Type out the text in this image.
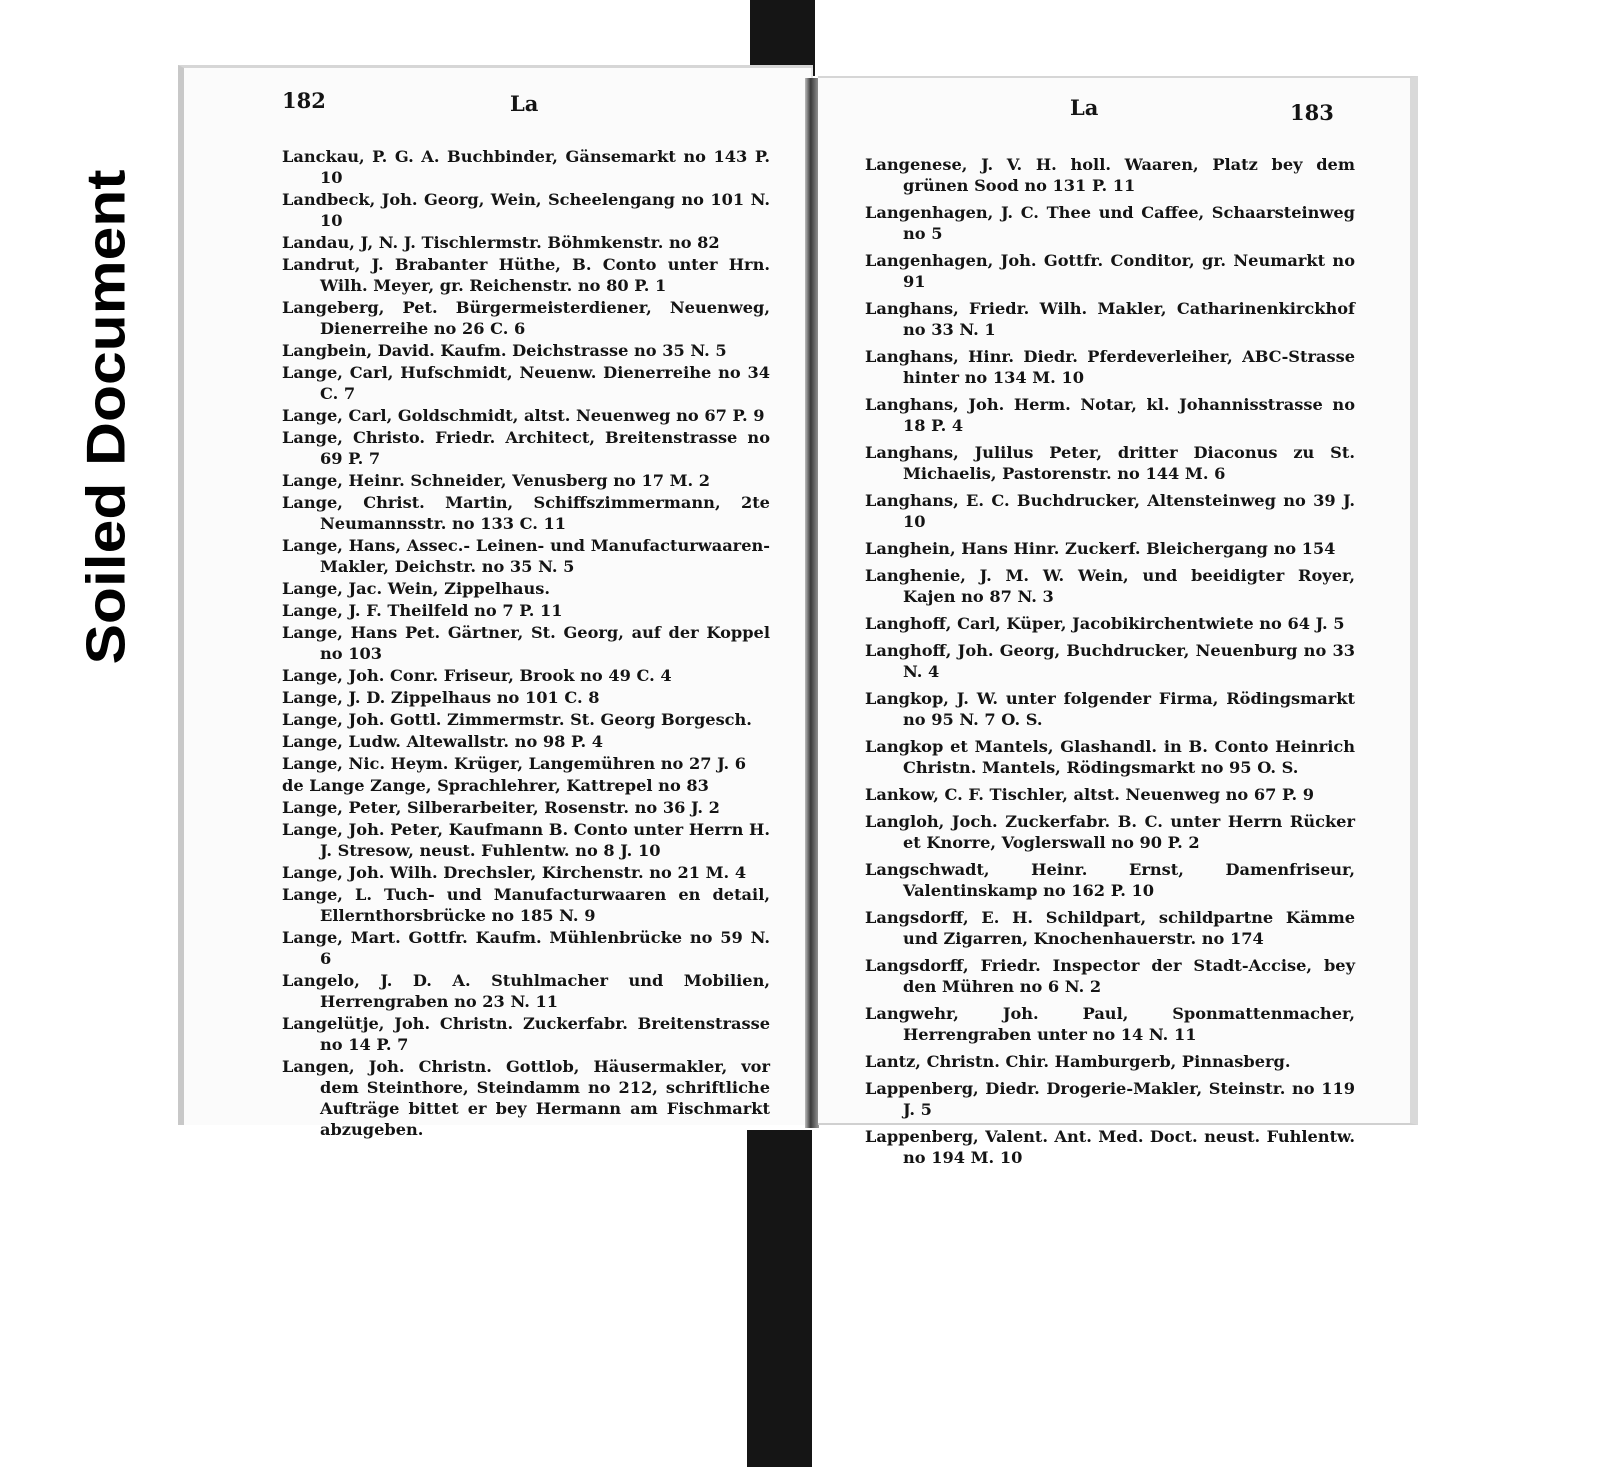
Soiled Document
182	La
Lanckau, P. G. A. Buchbinder, Gänsemarkt no 143 P. 10
Landbeck, Joh. Georg, Wein, Scheelengang no 101 N. 10
Landau, J, N. J. Tischlermstr. Böhmkenstr. no 82
Landrut, J. Brabanter Hüthe, B. Conto unter Hrn. Wilh. Meyer, gr. Reichenstr. no 80 P. 1
Langeberg, Pet. Bürgermeisterdiener, Neuenweg, Dienerreihe no 26 C. 6
Langbein, David. Kaufm. Deichstrasse no 35 N. 5
Lange, Carl, Hufschmidt, Neuenw. Dienerreihe no 34 C. 7
Lange, Carl, Goldschmidt, altst. Neuenweg no 67 P. 9
Lange, Christo. Friedr. Architect, Breitenstrasse no 69 P. 7
Lange, Heinr. Schneider, Venusberg no 17 M. 2
Lange, Christ. Martin, Schiffszimmermann, 2te Neumannsstr. no 133 C. 11
Lange, Hans, Assec.- Leinen- und Manufacturwaaren-Makler, Deichstr. no 35 N. 5
Lange, Jac. Wein, Zippelhaus.
Lange, J. F. Theilfeld no 7 P. 11
Lange, Hans Pet. Gärtner, St. Georg, auf der Koppel no 103
Lange, Joh. Conr. Friseur, Brook no 49 C. 4
Lange, J. D. Zippelhaus no 101 C. 8
Lange, Joh. Gottl. Zimmermstr. St. Georg Borgesch.
Lange, Ludw. Altewallstr. no 98 P. 4
Lange, Nic. Heym. Krüger, Langemühren no 27 J. 6
de Lange Zange, Sprachlehrer, Kattrepel no 83
Lange, Peter, Silberarbeiter, Rosenstr. no 36 J. 2
Lange, Joh. Peter, Kaufmann B. Conto unter Herrn H. J. Stresow, neust. Fuhlentw. no 8 J. 10
Lange, Joh. Wilh. Drechsler, Kirchenstr. no 21 M. 4
Lange, L. Tuch- und Manufacturwaaren en detail, Ellernthorsbrücke no 185 N. 9
Lange, Mart. Gottfr. Kaufm. Mühlenbrücke no 59 N. 6
Langelo, J. D. A. Stuhlmacher und Mobilien, Herrengraben no 23 N. 11
Langelütje, Joh. Christn. Zuckerfabr. Breitenstrasse no 14 P. 7
Langen, Joh. Christn. Gottlob, Häusermakler, vor dem Steinthore, Steindamm no 212, schriftliche Aufträge bittet er bey Hermann am Fischmarkt abzugeben.
La	183
Langenese, J. V. H. holl. Waaren, Platz bey dem grünen Sood no 131 P. 11
Langenhagen, J. C. Thee und Caffee, Schaarsteinweg no 5
Langenhagen, Joh. Gottfr. Conditor, gr. Neumarkt no 91
Langhans, Friedr. Wilh. Makler, Catharinenkirckhof no 33 N. 1
Langhans, Hinr. Diedr. Pferdeverleiher, ABC-Strasse hinter no 134 M. 10
Langhans, Joh. Herm. Notar, kl. Johannisstrasse no 18 P. 4
Langhans, Julilus Peter, dritter Diaconus zu St. Michaelis, Pastorenstr. no 144 M. 6
Langhans, E. C. Buchdrucker, Altensteinweg no 39 J. 10
Langhein, Hans Hinr. Zuckerf. Bleichergang no 154
Langhenie, J. M. W. Wein, und beeidigter Royer, Kajen no 87 N. 3
Langhoff, Carl, Küper, Jacobikirchentwiete no 64 J. 5
Langhoff, Joh. Georg, Buchdrucker, Neuenburg no 33 N. 4
Langkop, J. W. unter folgender Firma, Rödingsmarkt no 95 N. 7 O. S.
Langkop et Mantels, Glashandl. in B. Conto Heinrich Christn. Mantels, Rödingsmarkt no 95 O. S.
Lankow, C. F. Tischler, altst. Neuenweg no 67 P. 9
Langloh, Joch. Zuckerfabr. B. C. unter Herrn Rücker et Knorre, Voglerswall no 90 P. 2
Langschwadt, Heinr. Ernst, Damenfriseur, Valentinskamp no 162 P. 10
Langsdorff, E. H. Schildpart, schildpartne Kämme und Zigarren, Knochenhauerstr. no 174
Langsdorff, Friedr. Inspector der Stadt-Accise, bey den Mühren no 6 N. 2
Langwehr, Joh. Paul, Sponmattenmacher, Herrengraben unter no 14 N. 11
Lantz, Christn. Chir. Hamburgerb, Pinnasberg.
Lappenberg, Diedr. Drogerie-Makler, Steinstr. no 119 J. 5
Lappenberg, Valent. Ant. Med. Doct. neust. Fuhlentw. no 194 M. 10
